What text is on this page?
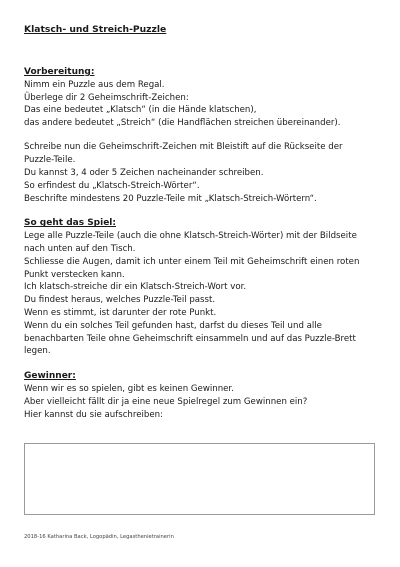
Klatsch- und Streich-Puzzle
Vorbereitung:
Nimm ein Puzzle aus dem Regal.
Überlege dir 2 Geheimschrift-Zeichen:
Das eine bedeutet „Klatsch“ (in die Hände klatschen),
das andere bedeutet „Streich“ (die Handflächen streichen übereinander).
Schreibe nun die Geheimschrift-Zeichen mit Bleistift auf die Rückseite der
Puzzle-Teile.
Du kannst 3, 4 oder 5 Zeichen nacheinander schreiben.
So erfindest du „Klatsch-Streich-Wörter“.
Beschrifte mindestens 20 Puzzle-Teile mit „Klatsch-Streich-Wörtern“.
So geht das Spiel:
Lege alle Puzzle-Teile (auch die ohne Klatsch-Streich-Wörter) mit der Bildseite
nach unten auf den Tisch.
Schliesse die Augen, damit ich unter einem Teil mit Geheimschrift einen roten
Punkt verstecken kann.
Ich klatsch-streiche dir ein Klatsch-Streich-Wort vor.
Du findest heraus, welches Puzzle-Teil passt.
Wenn es stimmt, ist darunter der rote Punkt.
Wenn du ein solches Teil gefunden hast, darfst du dieses Teil und alle
benachbarten Teile ohne Geheimschrift einsammeln und auf das Puzzle-Brett
legen.
Gewinner:
Wenn wir es so spielen, gibt es keinen Gewinner.
Aber vielleicht fällt dir ja eine neue Spielregel zum Gewinnen ein?
Hier kannst du sie aufschreiben:
2018-16 Katharina Back, Logopädin, Legasthenietrainerin
